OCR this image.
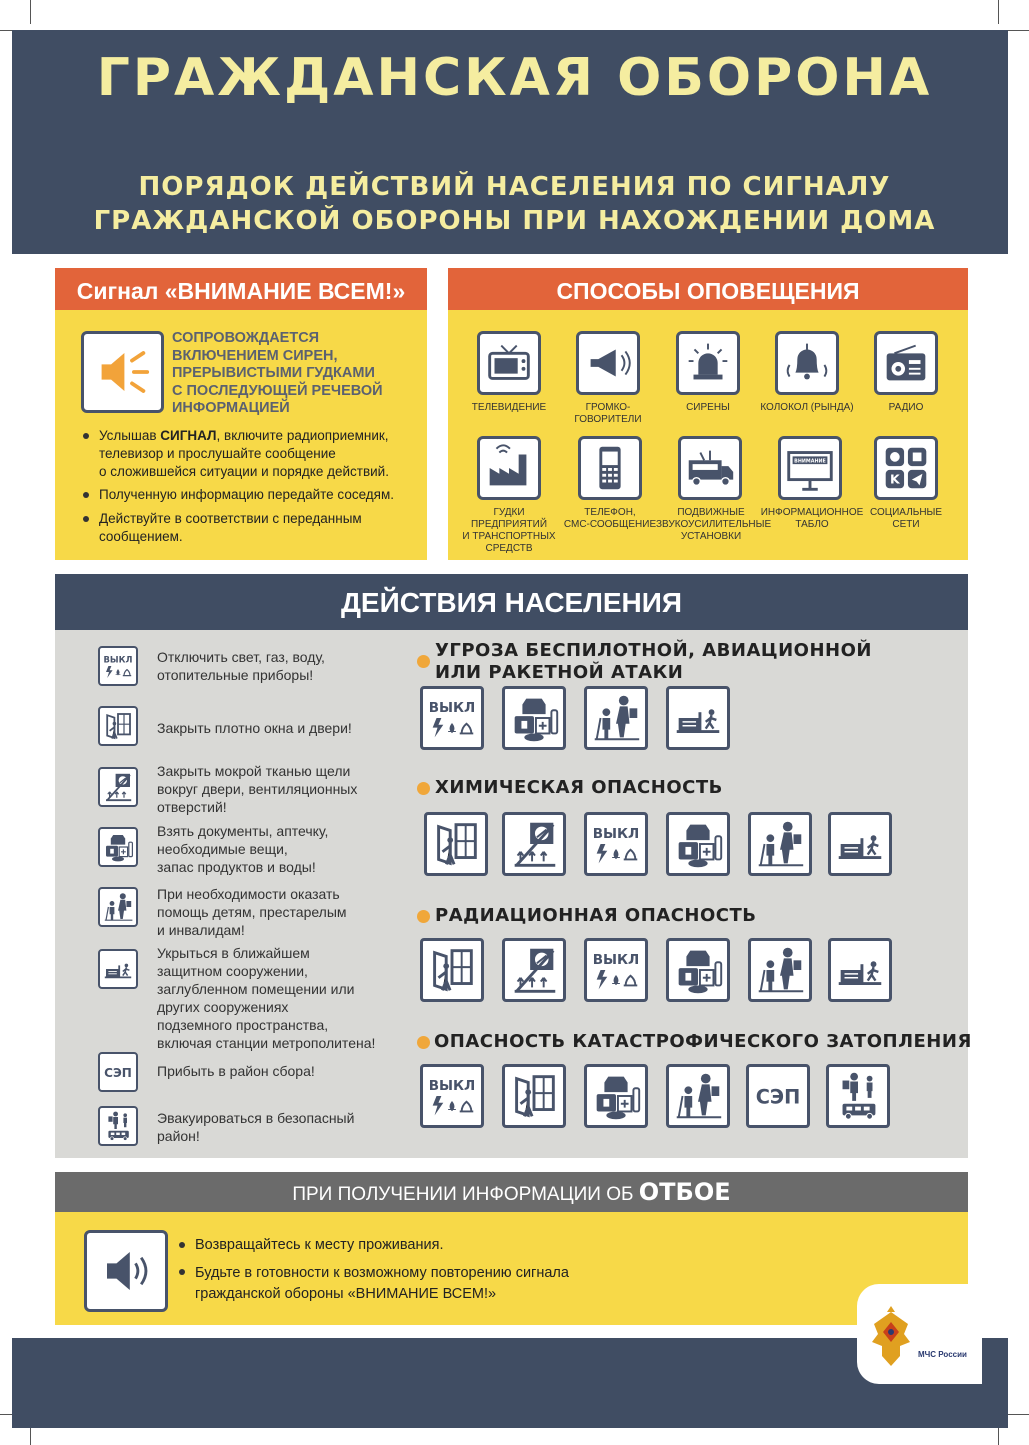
ГРАЖДАНСКАЯ ОБОРОНА
ПОРЯДОК ДЕЙСТВИЙ НАСЕЛЕНИЯ ПО СИГНАЛУ
ГРАЖДАНСКОЙ ОБОРОНЫ ПРИ НАХОЖДЕНИИ ДОМА
Сигнал «ВНИМАНИЕ ВСЕМ!»
СОПРОВОЖДАЕТСЯ
ВКЛЮЧЕНИЕМ СИРЕН,
ПРЕРЫВИСТЫМИ ГУДКАМИ
С ПОСЛЕДУЮЩЕЙ РЕЧЕВОЙ
ИНФОРМАЦИЕЙ
Услышав СИГНАЛ, включите радиоприемник,
телевизор и прослушайте сообщение
о сложившейся ситуации и порядке действий.
Полученную информацию передайте соседям.
Действуйте в соответствии с переданным
сообщением.
СПОСОБЫ ОПОВЕЩЕНИЯ
ТЕЛЕВИДЕНИЕ	ГРОМКО-
ГОВОРИТЕЛИ
СИРЕНЫ	КОЛОКОЛ (РЫНДА)	РАДИО
ВНИМАНИЕ
K
ГУДКИ ПРЕДПРИЯТИЙ
И ТРАНСПОРТНЫХ
СРЕДСТВ
ТЕЛЕФОН,
СМС-СООБЩЕНИЕ
ПОДВИЖНЫЕ
ЗВУКОУСИЛИТЕЛЬНЫЕ
УСТАНОВКИ
ИНФОРМАЦИОННОЕ
ТАБЛО
СОЦИАЛЬНЫЕ
СЕТИ
ДЕЙСТВИЯ НАСЕЛЕНИЯ
Отключить свет, газ, воду,
отопительные приборы!
Закрыть плотно окна и двери!
Закрыть мокрой тканью щели
вокруг двери, вентиляционных
отверстий!
Взять документы, аптечку,
необходимые вещи,
запас продуктов и воды!
При необходимости оказать
помощь детям, престарелым
и инвалидам!
Укрыться в ближайшем
защитном сооружении,
заглубленном помещении или
других сооружениях
подземного пространства,
включая станции метрополитена!
Прибыть в район сбора!
Эвакуироваться в безопасный
район!
УГРОЗА БЕСПИЛОТНОЙ, АВИАЦИОННОЙ
ИЛИ РАКЕТНОЙ АТАКИ
ХИМИЧЕСКАЯ ОПАСНОСТЬ
РАДИАЦИОННАЯ ОПАСНОСТЬ
ОПАСНОСТЬ КАТАСТРОФИЧЕСКОГО ЗАТОПЛЕНИЯ
ПРИ ПОЛУЧЕНИИ ИНФОРМАЦИИ ОБ ОТБОЕ
Возвращайтесь к месту проживания.
Будьте в готовности к возможному повторению сигнала
гражданской обороны «ВНИМАНИЕ ВСЕМ!»
МЧС России
